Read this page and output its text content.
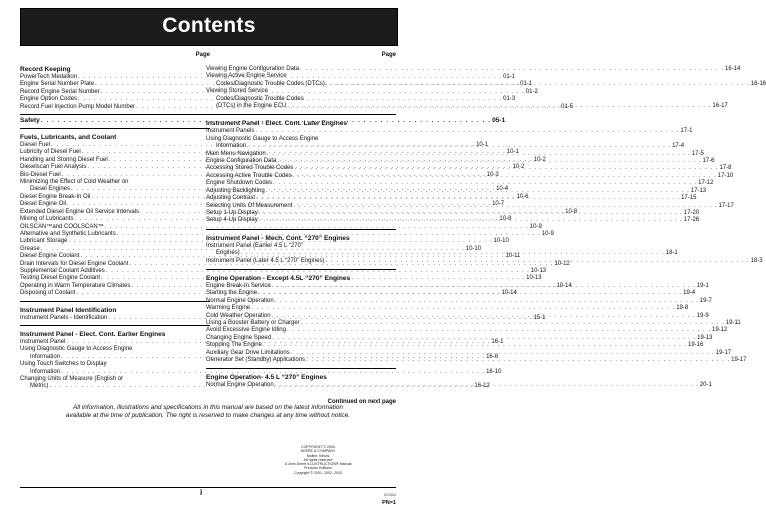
Contents
Page
Record Keeping
PowerTech Medallion . . .	01-1
Engine Serial Number Plate . . .	01-1
Record Engine Serial Number . . .	01-2
Engine Option Codes . . .	01-3
Record Fuel Injection Pump Model Number . . .	01-5
Safety . . .	05-1
Fuels, Lubricants, and Coolant
Diesel Fuel . . .	10-1
Lubricity of Diesel Fuel . . .	10-1
Handling and Storing Diesel Fuel . . .	10-2
Dieselscan Fuel Analysis . . .	10-2
Bio-Diesel Fuel . . .	10-3
Minimizing the Effect of Cold Weather on
Diesel Engines . . .	10-4
Diesel Engine Break-In Oil . . .	10-6
Diesel Engine Oil . . .	10-7
Extended Diesel Engine Oil Service Intervals . . .	10-8
Mixing of Lubricants . . .	10-8
OILSCAN™and COOLSCAN™ . . .	10-9
Alternative and Synthetic Lubricants . . .	10-9
Lubricant Storage . . .	10-10
Grease . . .	10-10
Diesel Engine Coolant . . .	10-11
Drain Intervals for Diesel Engine Coolant . . .	10-12
Supplemental Coolant Additives . . .	10-13
Testing Diesel Engine Coolant . . .	10-13
Operating in Warm Temperature Climates . . .	10-14
Disposing of Coolant . . .	10-14
Instrument Panel Identification
Instrument Panels - Identification . . .	15-1
Instrument Panel - Elect. Cont. Earlier Engines
Instrument Panel . . .	16-1
Using Diagnostic Gauge to Access Engine
Information . . .	16-8
Using Touch Switches to Display
Information . . .	16-10
Changing Units of Measure (English or
Metric) . . .	16-12
Page
Viewing Engine Configuration Data . . .	16-14
Viewing Active Engine Service
Codes/Diagnostic Trouble Codes (DTCs) . . .	16-16
Viewing Stored Service
Codes/Diagnostic Trouble Codes
(DTCs) in the Engine ECU . . .	16-17
Instrument Panel - Elect. Cont. Later Engines
Instrument Panels . . .	17-1
Using Diagnostic Gauge to Access Engine
Information . . .	17-4
Main Menu Navigation . . .	17-5
Engine Configuration Data . . .	17-6
Accessing Stored Trouble Codes . . .	17-8
Accessing Active Trouble Codes . . .	17-10
Engine Shutdown Codes . . .	17-12
Adjusting Backlighting . . .	17-13
Adjusting Contrast . . .	17-15
Selecting Units Of Measurement . . .	17-17
Setup 1-Up Display . . .	17-20
Setup 4-Up Display . . .	17-26
Instrument Panel - Mech. Cont. “270” Engines
Instrument Panel (Earlier 4.5 L “270”
Engines) . . .	18-1
Instrument Panel (Later 4.5 L “270” Engines) . . .	18-3
Engine Operation - Except 4.5L “270” Engines
Engine Break-In Service . . .	19-1
Starting the Engine . . .	19-4
Normal Engine Operation . . .	19-7
Warming Engine . . .	19-8
Cold Weather Operation . . .	19-9
Using a Booster Battery or Charger . . .	19-11
Avoid Excessive Engine Idling . . .	19-12
Changing Engine Speed . . .	19-13
Stopping The Engine . . .	19-16
Auxiliary Gear Drive Limitations . . .	19-17
Generator Set (Standby) Applications . . .	19-17
Engine Operation- 4.5 L “270” Engines
Normal Engine Operation . . .	20-1
Continued on next page
All information, illustrations and specifications in this manual are based on the latest information available at the time of publication. The right is reserved to make changes at any time without notice.
COPYRIGHT © 2004
DEERE & COMPANY
Moline, Illinois
All rights reserved
A John Deere ILLUSTRUCTION® Manual
Previous Editions
Copyright © 2001, 2002, 2003
i	021904
PN=1
